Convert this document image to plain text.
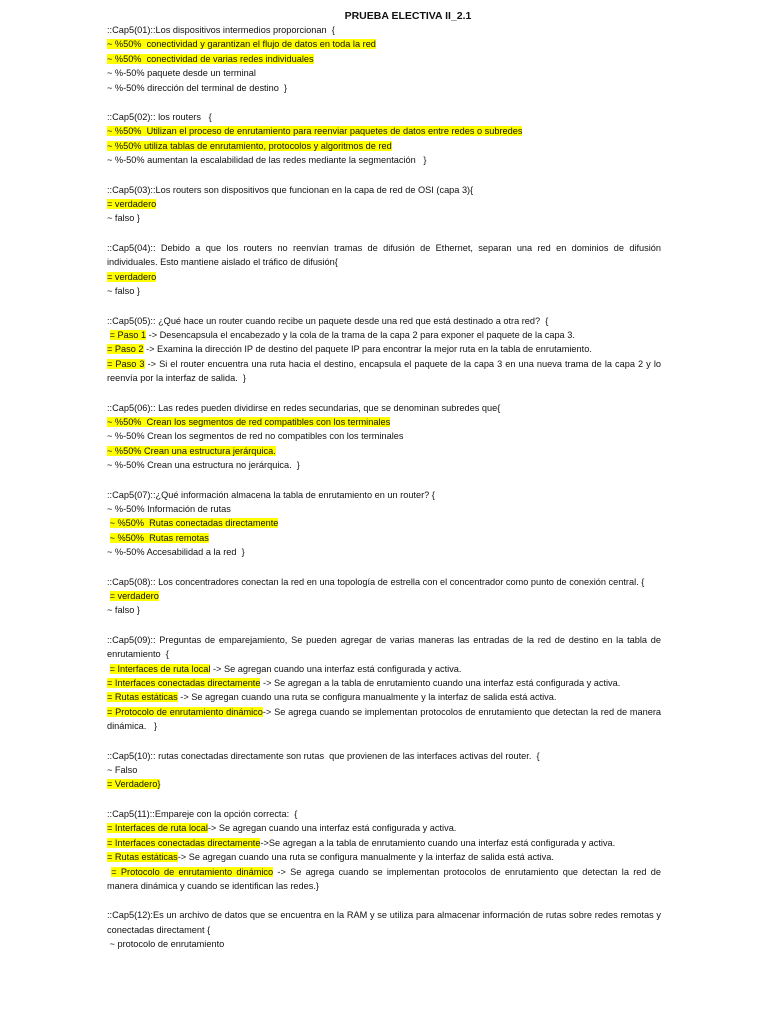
PRUEBA ELECTIVA II_2.1
::Cap5(01)::Los dispositivos intermedios proporcionan  {
~ %50%  conectividad y garantizan el flujo de datos en toda la red
~ %50%  conectividad de varias redes individuales
~ %-50% paquete desde un terminal
~ %-50% dirección del terminal de destino  }
::Cap5(02):: los routers   {
~ %50%  Utilizan el proceso de enrutamiento para reenviar paquetes de datos entre redes o subredes
~ %50% utiliza tablas de enrutamiento, protocolos y algoritmos de red
~ %-50% aumentan la escalabilidad de las redes mediante la segmentación   }
::Cap5(03)::Los routers son dispositivos que funcionan en la capa de red de OSI (capa 3){
= verdadero
~ falso }
::Cap5(04):: Debido a que los routers no reenvían tramas de difusión de Ethernet, separan una red en dominios de difusión individuales. Esto mantiene aislado el tráfico de difusión{
= verdadero
~ falso }
::Cap5(05):: ¿Qué hace un router cuando recibe un paquete desde una red que está destinado a otra red?  {
= Paso 1 -> Desencapsula el encabezado y la cola de la trama de la capa 2 para exponer el paquete de la capa 3.
= Paso 2 -> Examina la dirección IP de destino del paquete IP para encontrar la mejor ruta en la tabla de enrutamiento.
= Paso 3 -> Si el router encuentra una ruta hacia el destino, encapsula el paquete de la capa 3 en una nueva trama de la capa 2 y lo reenvía por la interfaz de salida.  }
::Cap5(06):: Las redes pueden dividirse en redes secundarias, que se denominan subredes que{
~ %50%  Crean los segmentos de red compatibles con los terminales
~ %-50% Crean los segmentos de red no compatibles con los terminales
~ %50% Crean una estructura jerárquica.
~ %-50% Crean una estructura no jerárquica.  }
::Cap5(07)::¿Qué información almacena la tabla de enrutamiento en un router? {
~ %-50% Información de rutas
~ %50%  Rutas conectadas directamente
~ %50%  Rutas remotas
~ %-50% Accesabilidad a la red  }
::Cap5(08):: Los concentradores conectan la red en una topología de estrella con el concentrador como punto de conexión central. {
= verdadero
~ falso }
::Cap5(09):: Preguntas de emparejamiento, Se pueden agregar de varias maneras las entradas de la red de destino en la tabla de enrutamiento  {
= Interfaces de ruta local -> Se agregan cuando una interfaz está configurada y activa.
= Interfaces conectadas directamente -> Se agregan a la tabla de enrutamiento cuando una interfaz está configurada y activa.
= Rutas estáticas -> Se agregan cuando una ruta se configura manualmente y la interfaz de salida está activa.
= Protocolo de enrutamiento dinámico-> Se agrega cuando se implementan protocolos de enrutamiento que detectan la red de manera dinámica.   }
::Cap5(10):: rutas conectadas directamente son rutas  que provienen de las interfaces activas del router.  {
~ Falso
= Verdadero}
::Cap5(11)::Empareje con la opción correcta:  {
= Interfaces de ruta local-> Se agregan cuando una interfaz está configurada y activa.
= Interfaces conectadas directamente->Se agregan a la tabla de enrutamiento cuando una interfaz está configurada y activa.
= Rutas estáticas-> Se agregan cuando una ruta se configura manualmente y la interfaz de salida está activa.
= Protocolo de enrutamiento dinámico -> Se agrega cuando se implementan protocolos de enrutamiento que detectan la red de manera dinámica y cuando se identifican las redes.}
::Cap5(12):Es un archivo de datos que se encuentra en la RAM y se utiliza para almacenar información de rutas sobre redes remotas y conectadas directament {
~ protocolo de enrutamiento
